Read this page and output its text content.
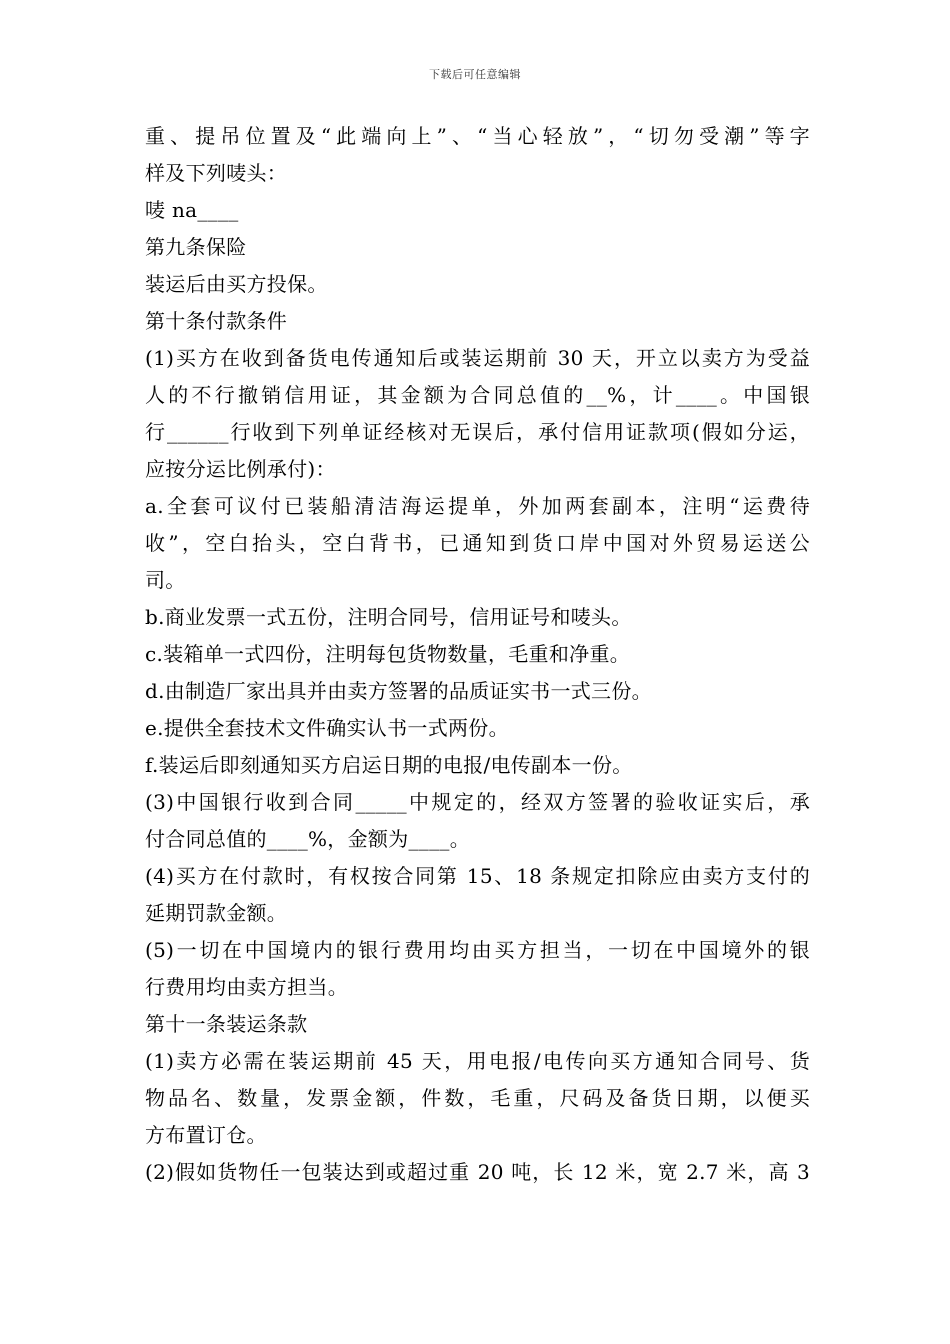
下载后可任意编辑
重、提吊位置及“此端向上”、“当心轻放”，“切勿受潮”等字
样及下列唛头：
唛 na____
第九条保险
装运后由买方投保。
第十条付款条件
(1)买方在收到备货电传通知后或装运期前 30 天，开立以卖方为受益
人的不行撤销信用证，其金额为合同总值的__%，计____。中国银
行______行收到下列单证经核对无误后，承付信用证款项(假如分运，
应按分运比例承付)：
a.全套可议付已装船清洁海运提单，外加两套副本，注明“运费待
收”，空白抬头，空白背书，已通知到货口岸中国对外贸易运送公
司。
b.商业发票一式五份，注明合同号，信用证号和唛头。
c.装箱单一式四份，注明每包货物数量，毛重和净重。
d.由制造厂家出具并由卖方签署的品质证实书一式三份。
e.提供全套技术文件确实认书一式两份。
f.装运后即刻通知买方启运日期的电报/电传副本一份。
(3)中国银行收到合同_____中规定的，经双方签署的验收证实后，承
付合同总值的____%，金额为____。
(4)买方在付款时，有权按合同第 15、18 条规定扣除应由卖方支付的
延期罚款金额。
(5)一切在中国境内的银行费用均由买方担当，一切在中国境外的银
行费用均由卖方担当。
第十一条装运条款
(1)卖方必需在装运期前 45 天，用电报/电传向买方通知合同号、货
物品名、数量，发票金额，件数，毛重，尺码及备货日期，以便买
方布置订仓。
(2)假如货物任一包装达到或超过重 20 吨，长 12 米，宽 2.7 米，高 3
